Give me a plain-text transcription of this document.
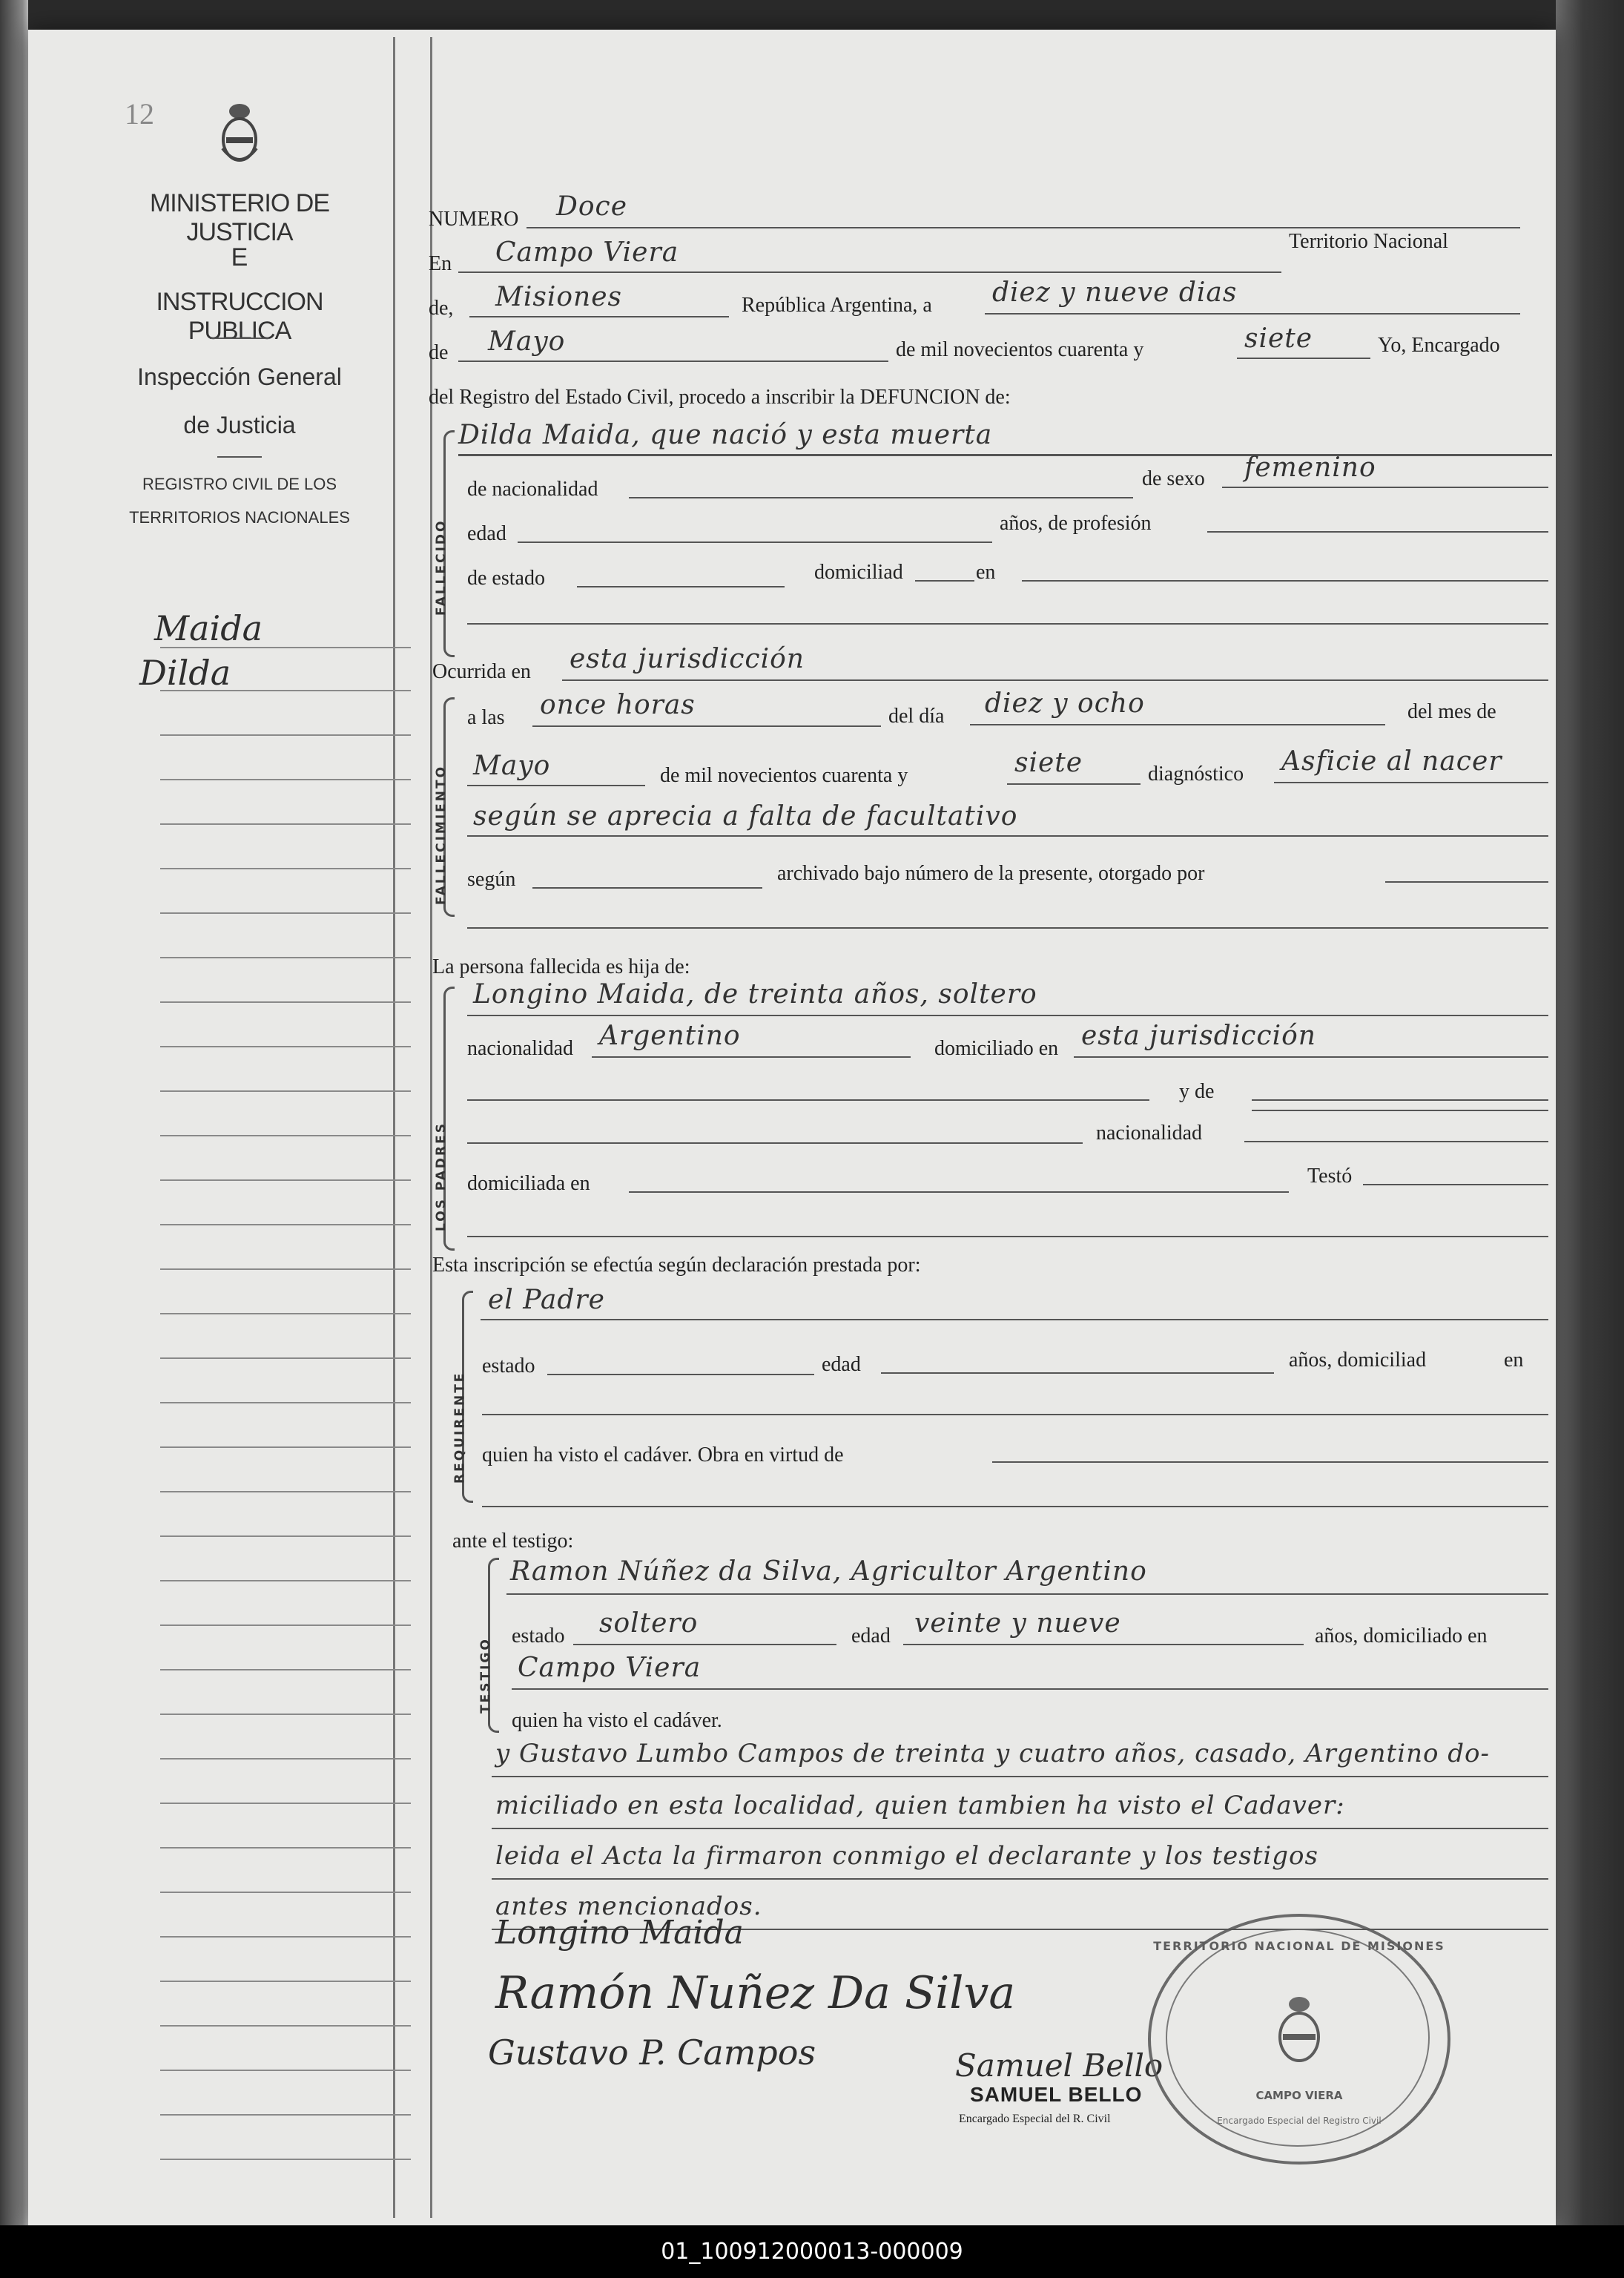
12
MINISTERIO DE JUSTICIA
E
INSTRUCCION PUBLICA
Inspección General
de Justicia
REGISTRO CIVIL DE LOS
TERRITORIOS NACIONALES
Maida
Dilda
NUMERO Doce
En Campo Viera	Territorio Nacional
de, Misiones	República Argentina, a diez y nueve dias
de Mayo	de mil novecientos cuarenta y	siete	Yo, Encargado
del Registro del Estado Civil, procedo a inscribir la DEFUNCION de:
FALLECIDO
Dilda Maida, que nació y esta muerta
de nacionalidad	de sexo femenino
edad	años, de profesión
de estado	domiciliad	en
Ocurrida en esta jurisdicción
FALLECIMIENTO
a las once horas	del día diez y ocho	del mes de
Mayo	de mil novecientos cuarenta y	siete	diagnóstico Asficie al nacer
según se aprecia a falta de facultativo
según	archivado bajo número de la presente, otorgado por
La persona fallecida es hija de:
LOS PADRES
Longino Maida, de treinta años, soltero
nacionalidad Argentino	domiciliado en esta jurisdicción
y de
nacionalidad
domiciliada en	Testó
Esta inscripción se efectúa según declaración prestada por:
REQUIRENTE
el Padre
estado	edad	años, domiciliad	en
quien ha visto el cadáver. Obra en virtud de
ante el testigo:
TESTIGO
Ramon Núñez da Silva, Agricultor Argentino
estado soltero	edad veinte y nueve	años, domiciliado en
Campo Viera
quien ha visto el cadáver.
y Gustavo Lumbo Campos de treinta y cuatro años, casado, Argentino do-
miciliado en esta localidad, quien tambien ha visto el Cadaver:
leida el Acta la firmaron conmigo el declarante y los testigos
antes mencionados.
Longino Maida
Ramón Nuñez Da Silva
Gustavo P. Campos	Samuel Bello
SAMUEL BELLO
Encargado Especial del R. Civil
TERRITORIO NACIONAL DE MISIONES
CAMPO VIERA
Encargado Especial del Registro Civil
01_100912000013-000009
